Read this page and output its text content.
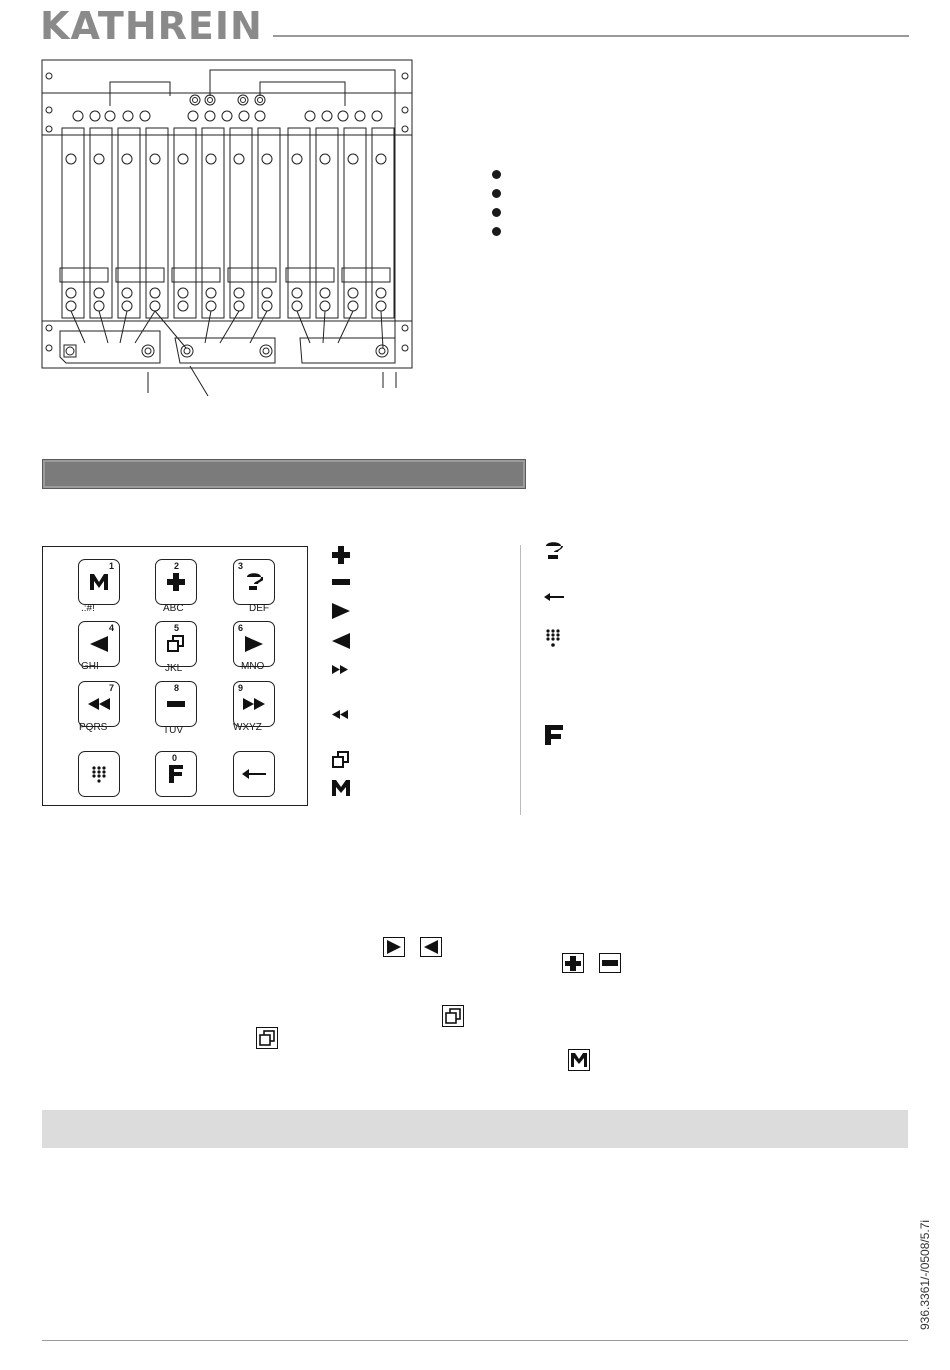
KATHREIN
1
.:#!
2
ABC
3
DEF
4
GHI
5
JKL
6
MNO
7
PQRS
8
TUV
9
WXYZ
0
936.3361/-/0508/5.7i
